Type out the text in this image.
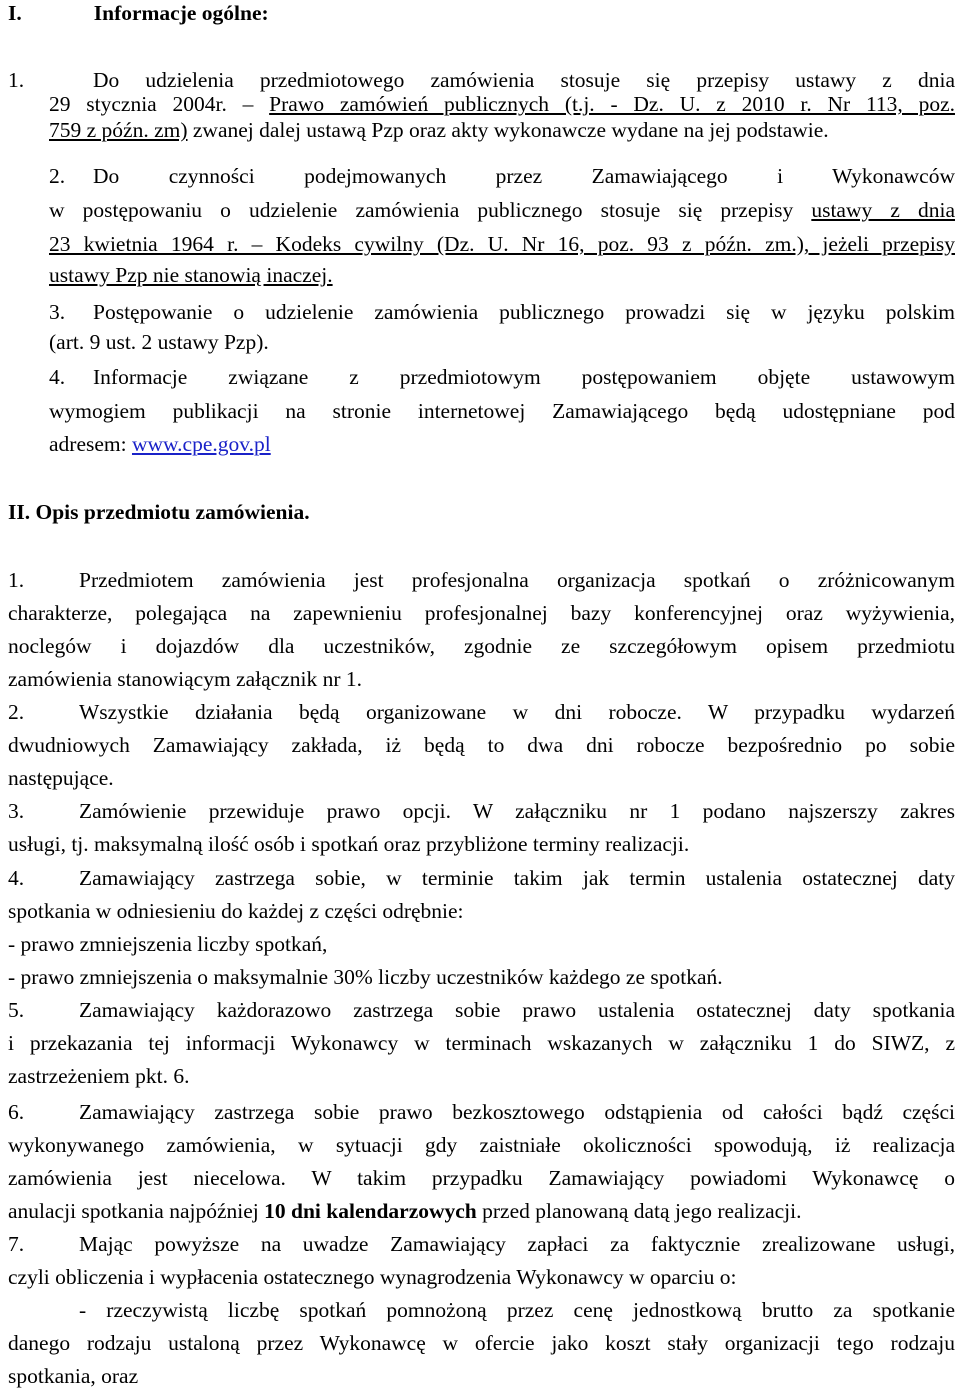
I.	Informacje ogólne:
1.	Do udzielenia przedmiotowego zamówienia stosuje się przepisy ustawy z dnia
29 stycznia 2004r. – Prawo zamówień publicznych (t.j. - Dz. U. z 2010 r. Nr 113, poz.
759 z późn. zm) zwanej dalej ustawą Pzp oraz akty wykonawcze wydane na jej podstawie.
2. Do czynności podejmowanych przez Zamawiającego i Wykonawców
w postępowaniu o udzielenie zamówienia publicznego stosuje się przepisy ustawy z dnia
23 kwietnia 1964 r. – Kodeks cywilny (Dz. U. Nr 16, poz. 93 z późn. zm.), jeżeli przepisy
ustawy Pzp nie stanowią inaczej.
3. Postępowanie o udzielenie zamówienia publicznego prowadzi się w języku polskim
(art. 9 ust. 2 ustawy Pzp).
4. Informacje związane z przedmiotowym postępowaniem objęte ustawowym
wymogiem publikacji na stronie internetowej Zamawiającego będą udostępniane pod
adresem: www.cpe.gov.pl
II. Opis przedmiotu zamówienia.
1.	Przedmiotem zamówienia jest profesjonalna organizacja spotkań o zróżnicowanym
charakterze, polegająca na zapewnieniu profesjonalnej bazy konferencyjnej oraz wyżywienia,
noclegów i dojazdów dla uczestników, zgodnie ze szczegółowym opisem przedmiotu
zamówienia stanowiącym załącznik nr 1.
2.	Wszystkie działania będą organizowane w dni robocze. W przypadku wydarzeń
dwudniowych Zamawiający zakłada, iż będą to dwa dni robocze bezpośrednio po sobie
następujące.
3.	Zamówienie przewiduje prawo opcji. W załączniku nr 1 podano najszerszy zakres
usługi, tj. maksymalną ilość osób i spotkań oraz przybliżone terminy realizacji.
4.	Zamawiający zastrzega sobie, w terminie takim jak termin ustalenia ostatecznej daty
spotkania w odniesieniu do każdej z części odrębnie:
- prawo zmniejszenia liczby spotkań,
- prawo zmniejszenia o maksymalnie 30% liczby uczestników każdego ze spotkań.
5.	Zamawiający każdorazowo zastrzega sobie prawo ustalenia ostatecznej daty spotkania
i przekazania tej informacji Wykonawcy w terminach wskazanych w załączniku 1 do SIWZ, z
zastrzeżeniem pkt. 6.
6.	Zamawiający zastrzega sobie prawo bezkosztowego odstąpienia od całości bądź części
wykonywanego zamówienia, w sytuacji gdy zaistniałe okoliczności spowodują, iż realizacja
zamówienia jest niecelowa. W takim przypadku Zamawiający powiadomi Wykonawcę o
anulacji spotkania najpóźniej 10 dni kalendarzowych przed planowaną datą jego realizacji.
7.	Mając powyższe na uwadze Zamawiający zapłaci za faktycznie zrealizowane usługi,
czyli obliczenia i wypłacenia ostatecznego wynagrodzenia Wykonawcy w oparciu o:
- rzeczywistą liczbę spotkań pomnożoną przez cenę jednostkową brutto za spotkanie
danego rodzaju ustaloną przez Wykonawcę w ofercie jako koszt stały organizacji tego rodzaju
spotkania, oraz
